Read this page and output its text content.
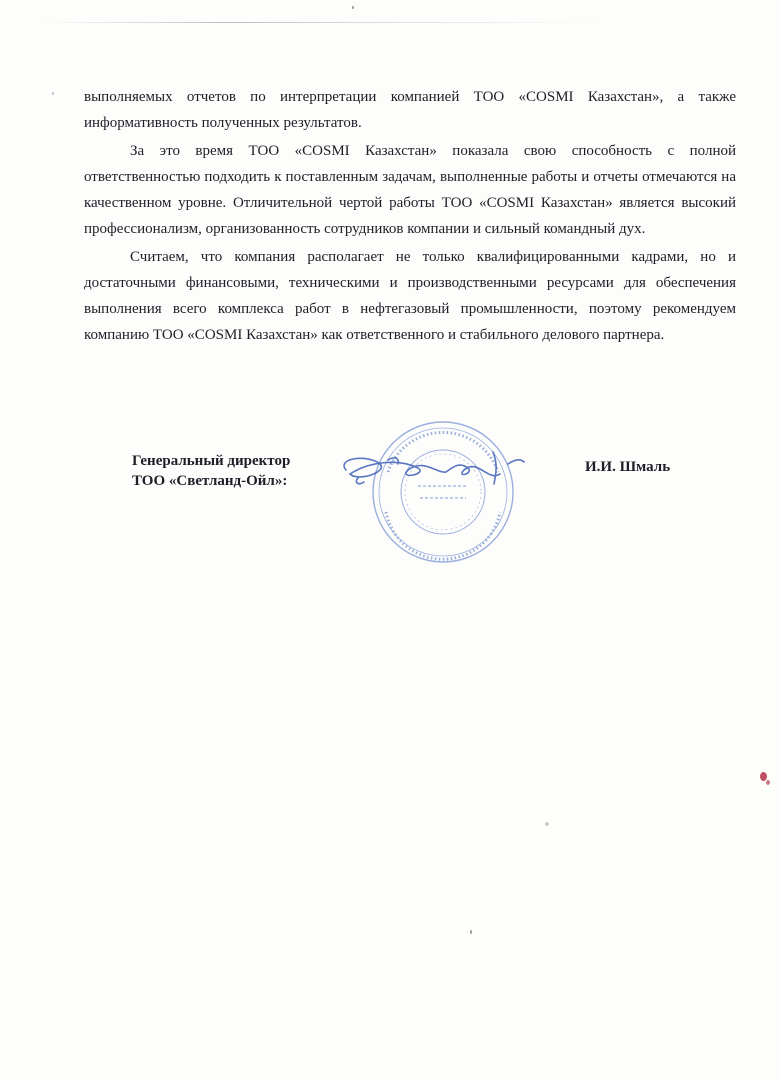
выполняемых отчетов по интерпретации компанией ТОО «COSMI Казахстан», а также информативность полученных результатов.

За это время ТОО «COSMI Казахстан» показала свою способность с полной ответственностью подходить к поставленным задачам, выполненные работы и отчеты отмечаются на качественном уровне. Отличительной чертой работы ТОО «COSMI Казахстан» является высокий профессионализм, организованность сотрудников компании и сильный командный дух.

Считаем, что компания располагает не только квалифицированными кадрами, но и достаточными финансовыми, техническими и производственными ресурсами для обеспечения выполнения всего комплекса работ в нефтегазовый промышленности, поэтому рекомендуем компанию ТОО «COSMI Казахстан» как ответственного и стабильного делового партнера.

Генеральный директор
ТОО «Светланд-Ойл»:
И.И. Шмаль
